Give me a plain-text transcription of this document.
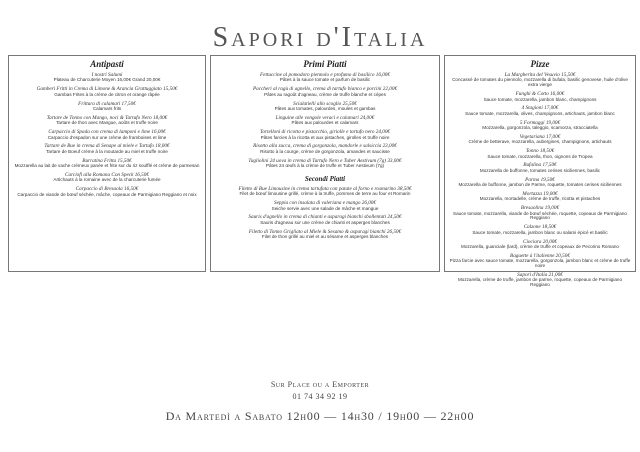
Sapori d'Italia
Antipasti
I nostri Salumi
Plateau de Charcuterie Moyen 16,00€ Grand 20,00€
Gamberi Fritti in Crema di Limone & Arancia Grattuggiato 15,50€
Gambas Frites à la crème de citron et orange râpée
Frittura di calamari 17,50€
Calamars frits
Tartare de Tonno con Mango, noci & Tartufo Nero 18,00€
Tartare de thon avec Mangue, aoûts et truffe noire
Carpaccio di Spada con crema di lamponi e lime 16,00€
Carpaccio d'espadon sur une crème de framboises et lime
Tartare de Bue in crema di Senape al miele e Tartufo 18,00€
Tartare de Boeuf crème à la moutarde au miel et truffe noire
Burratina Fritta 15,50€
Mozzarella au lait de vache crémeux panée et frite sur du riz soufflé et crème de parmesan
Carciofi alla Romana Con Speck 16,50€
Artichauts à la romaine avec de la charcuterie fumée
Carpaccio di Bresaola 16,50€
Carpaccio de viande de bœuf séchée, mâche, copeaux de Parmigiano Reggiano et noix
Primi Piatti
Fettuccine al pomodoro piennolo e profumo di basilico 16,00€
Pâtes à la sauce tomate et parfum de basilic
Paccheri al ragù di agnello, crema di tartufo bianco e porcini 22,00€
Pâtes au ragoût d'agneau, crème de truffe blanche et cèpes
Scialatielli allo scoglio 25,50€
Pâtes aux tomates, palourdes, moules et gambas
Linguine alle vongole veraci e calamari 24,00€
Pâtes aux palourdes et calamars
Tortelloni di ricotta e pistacchio, giriolle e tartufo nero 24,00€
Pâtes farcies à la ricotta et aux pistaches, girolles et truffe noire
Risotto alla zucca, crema di gorgonzola, mandorle e salsiccia 23,00€
Risotto à la courge, crème de gorgonzola, amandes et saucisse
Tagliolini 24 uova in crema di Tartufo Nero e Tuber Aestivum (7g) 33,00€
Pâtes 24 œufs à la crème de truffe et Tuber Aestivum (7g)
Secondi Piatti
Filetto di Bue Limousine in crema tartufata con patate al forno e rosmarino 38,50€
Filet de bœuf limousine grillé, crème à la truffe, pommes de terre au four et Romarin
Seppia con insalata di valeriana e mango 26,00€
Seiche servie avec une salade de mâche et mangue
Sauris d'agnello in crema di chianti e asparagi bianchi sbollentati 24,50€
Sauris d'agneau sur une crème de chianti et asperges blanches
Filetto di Tonno Grigliato al Miele & Sesamo & asparagi bianchi 26,50€
Filet de thon grillé au miel et au sésame et asperges blanches
Pizze
La Margherita del Vesuvio 15,50€
Concassé de tomates du piennolo, mozzarella di bufala, basilic genovese, huile d'olive extra vierge
Funghi & Cotto 16,00€
Sauce tomate, mozzarella, jambon blanc, champignons
4 Stagioni 17,00€
Sauce tomate, mozzarella, olives, champignons, artichauts, jambon blanc
5 Formaggi 19,00€
Mozzarella, gorgonzola, taleggio, scamorza, stracciatella
Vegetariana 17,00€
Crème de betterave, mozzarella, aubergines, champignons, artichauts
Tonno 18,50€
Sauce tomate, mozzarella, thon, oignons de Tropea
Bufalina 17,50€
Mozzarella de buffonne, tomates cerises siciliennes, basilic
Parma 19,50€
Mozzarella de buffonne, jambon de Parme, roquette, tomates cerises siciliennes
Mortazza 19,00€
Mozzarella, mortadelle, crème de truffe, ricotta et pistaches
Bresaolina 19,00€
Sauce tomate, mozzarella, viande de bœuf séchée, roquette, copeaux de Parmigiano Reggiano
Calzone 18,50€
Sauce tomate, mozzarella, jambon blanc ou salami épicé et basilic
Ciociara 20,00€
Mozzarella, guanciale (lard), crème de truffe et copeaux de Pecorino Romano
Baguette à l'italienne 20,50€
Pizza farcie avec sauce tomate, mozzarella, gorgonzola, jambon blanc et crème de truffe noire
Sapori d'Italia 21,00€
Mozzarella, crème de truffe, jambon de parme, roquette, copeaux de Parmigiano Reggiano
Sur Place ou a Emporter
01 74 34 92 19
Da Martedì a Sabato 12h00 — 14h30 / 19h00 — 22h00
